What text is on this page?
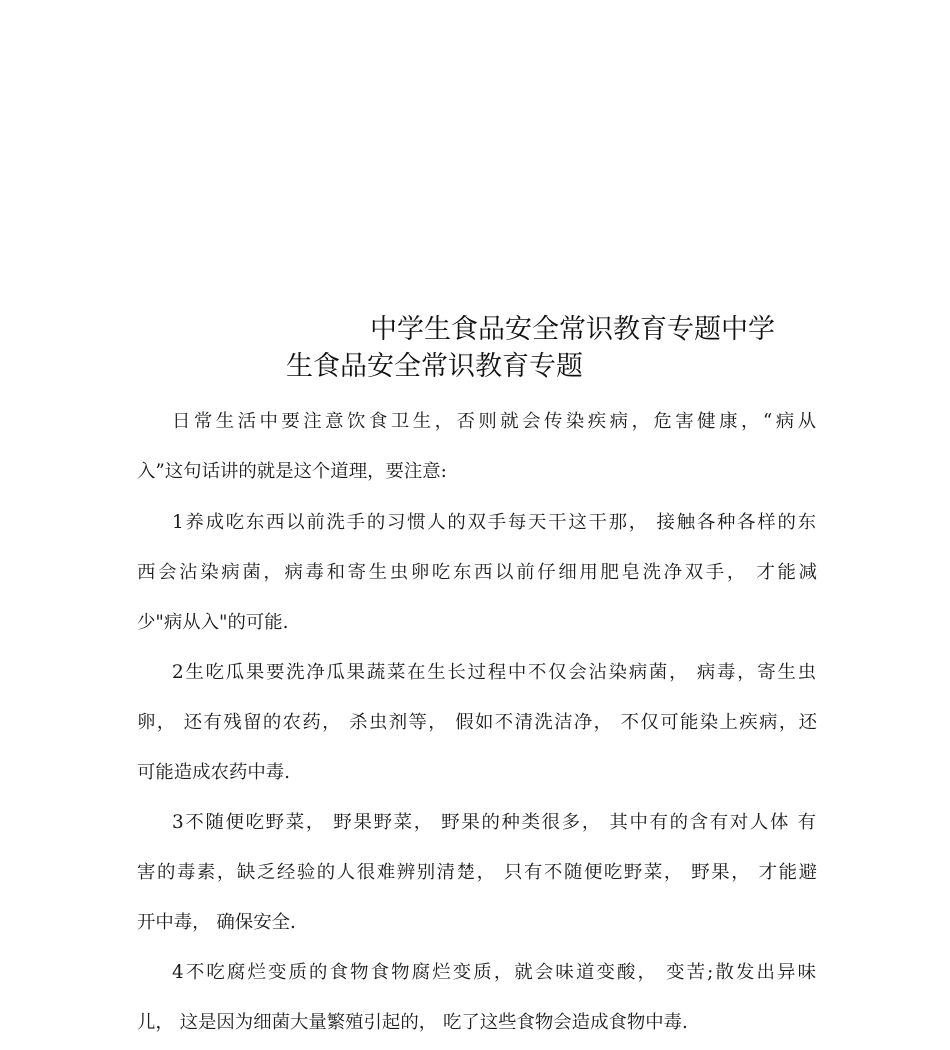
中学生食品安全常识教育专题中学
生食品安全常识教育专题
日常生活中要注意饮食卫生，否则就会传染疾病，危害健康，“病从
入”这句话讲的就是这个道理，要注意:
1养成吃东西以前洗手的习惯人的双手每天干这干那， 接触各种各样的东
西会沾染病菌，病毒和寄生虫卵吃东西以前仔细用肥皂洗净双手， 才能减
少"病从入"的可能.
2生吃瓜果要洗净瓜果蔬菜在生长过程中不仅会沾染病菌， 病毒，寄生虫
卵， 还有残留的农药， 杀虫剂等， 假如不清洗洁净， 不仅可能染上疾病，还
可能造成农药中毒.
3不随便吃野菜， 野果野菜， 野果的种类很多， 其中有的含有对人体 有
害的毒素，缺乏经验的人很难辨别清楚， 只有不随便吃野菜， 野果， 才能避
开中毒， 确保安全.
4不吃腐烂变质的食物食物腐烂变质，就会味道变酸， 变苦;散发出异味
儿， 这是因为细菌大量繁殖引起的， 吃了这些食物会造成食物中毒.
